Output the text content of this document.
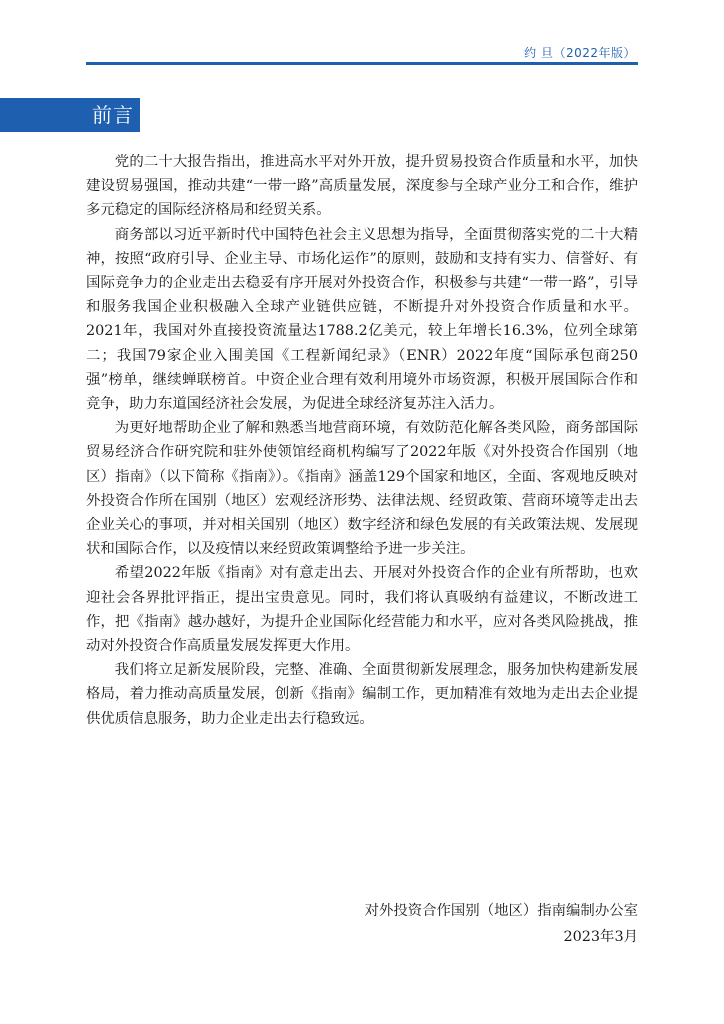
约 旦（2022年版）
前言

党的二十大报告指出，推进高水平对外开放，提升贸易投资合作质量和水平，加快建设贸易强国，推动共建“一带一路”高质量发展，深度参与全球产业分工和合作，维护多元稳定的国际经济格局和经贸关系。

商务部以习近平新时代中国特色社会主义思想为指导，全面贯彻落实党的二十大精神，按照“政府引导、企业主导、市场化运作”的原则，鼓励和支持有实力、信誉好、有国际竞争力的企业走出去稳妥有序开展对外投资合作，积极参与共建“一带一路”，引导和服务我国企业积极融入全球产业链供应链，不断提升对外投资合作质量和水平。2021年，我国对外直接投资流量达1788.2亿美元，较上年增长16.3%，位列全球第二；我国79家企业入围美国《工程新闻纪录》（ENR）2022年度“国际承包商250强”榜单，继续蝉联榜首。中资企业合理有效利用境外市场资源，积极开展国际合作和竞争，助力东道国经济社会发展，为促进全球经济复苏注入活力。

为更好地帮助企业了解和熟悉当地营商环境，有效防范化解各类风险，商务部国际贸易经济合作研究院和驻外使领馆经商机构编写了2022年版《对外投资合作国别（地区）指南》（以下简称《指南》）。《指南》涵盖129个国家和地区，全面、客观地反映对外投资合作所在国别（地区）宏观经济形势、法律法规、经贸政策、营商环境等走出去企业关心的事项，并对相关国别（地区）数字经济和绿色发展的有关政策法规、发展现状和国际合作，以及疫情以来经贸政策调整给予进一步关注。

希望2022年版《指南》对有意走出去、开展对外投资合作的企业有所帮助，也欢迎社会各界批评指正，提出宝贵意见。同时，我们将认真吸纳有益建议，不断改进工作，把《指南》越办越好，为提升企业国际化经营能力和水平，应对各类风险挑战，推动对外投资合作高质量发展发挥更大作用。

我们将立足新发展阶段，完整、准确、全面贯彻新发展理念，服务加快构建新发展格局，着力推动高质量发展，创新《指南》编制工作，更加精准有效地为走出去企业提供优质信息服务，助力企业走出去行稳致远。

对外投资合作国别（地区）指南编制办公室
2023年3月
